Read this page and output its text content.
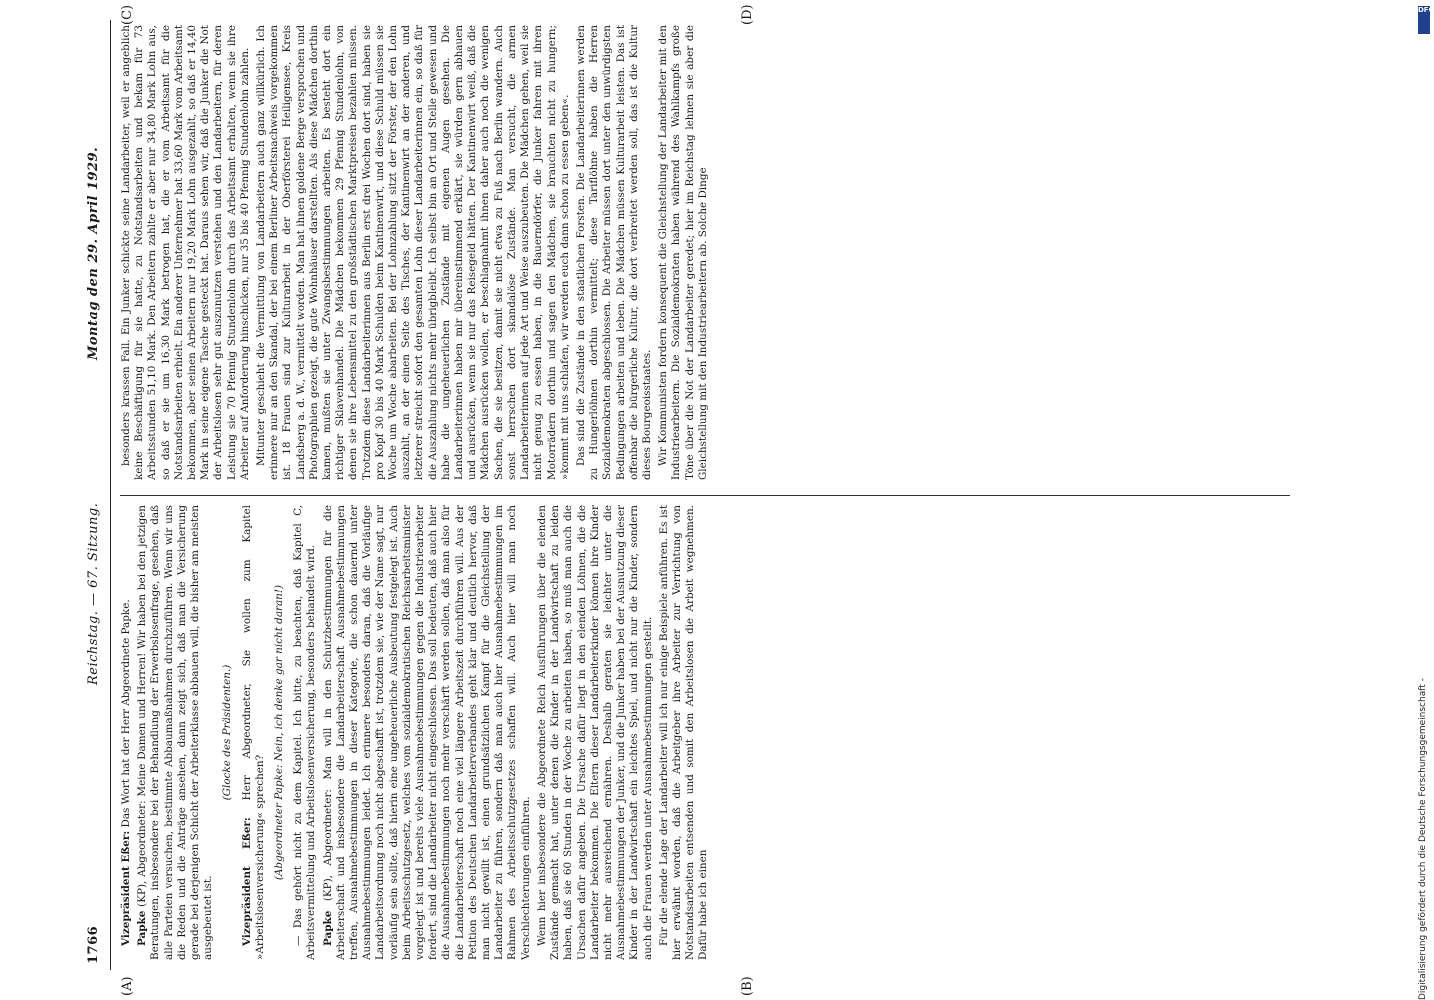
1766
Reichstag. — 67. Sitzung.
Montag den 29. April 1929.
(A)	(B)
(C)	(D)

Vizepräsident Eßer: Das Wort hat der Herr Abgeordnete Papke.

Papke (KP), Abgeordneter: Meine Damen und Herren! Wir haben bei den jetzigen Beratungen, insbesondere bei der Behandlung der Erwerbslosenfrage, gesehen, daß alle Parteien versuchen, bestimmte Abbaumaßnahmen durchzuführen. Wenn wir uns die Reden und die Anträge ansehen, dann zeigt sich, daß man die Versicherung gerade bei derjenigen Schicht der Arbeiterklasse abbauen will, die bisher am meisten ausgebeutet ist.

(Glocke des Präsidenten.)

Vizepräsident Eßer: Herr Abgeordneter, Sie wollen zum Kapitel »Arbeitslosenversicherung« sprechen? (Abgeordneter Papke: Nein, ich denke gar nicht daran!) — Das gehört nicht zu dem Kapitel. Ich bitte, zu beachten, daß Kapitel C, Arbeitsvermittelung und Arbeitslosenversicherung, besonders behandelt wird. Papke (KP), Abgeordneter: Man will in den Schutzbestimmungen für die Arbeiterschaft und insbesondere die Landarbeiterschaft Ausnahmebestimmungen treffen, Ausnahmebestimmungen in dieser Kategorie, die schon dauernd unter Ausnahmebestimmungen leidet. Ich erinnere besonders daran, daß die Vorläufige Landarbeitsordnung noch nicht abgeschafft ist, trotzdem sie, wie der Name sagt, nur vorläufig sein sollte, daß hierin eine ungeheuerliche Ausbeutung festgelegt ist. Auch beim Arbeitsschutzgesetz, welches vom sozialdemokratischen Reichsarbeitsminister vorgelegt ist und bereits viele Ausnahmebestimmungen gegen die Industriearbeiter fordert, sind die Landarbeiter nicht eingeschlossen. Das soll bedeuten, daß auch hier die Ausnahmebestimmungen noch mehr verschärft werden sollen, daß man also für die Landarbeiterschaft noch eine viel längere Arbeitszeit durchführen will. Aus der Petition des Deutschen Landarbeiterverbandes geht klar und deutlich hervor, daß man nicht gewillt ist, einen grundsätzlichen Kampf für die Gleichstellung der Landarbeiter zu führen, sondern daß man auch hier Ausnahmebestimmungen im Rahmen des Arbeitsschutzgesetzes schaffen will. Auch hier will man noch Verschlechterungen einführen. Wenn hier insbesondere die Abgeordnete Reich Ausführungen über die elenden Zustände gemacht hat, unter denen die Kinder in der Landwirtschaft zu leiden haben, daß sie 60 Stunden in der Woche zu arbeiten haben, so muß man auch die Ursachen dafür angeben. Die Ursache dafür liegt in den elenden Löhnen, die die Landarbeiter bekommen. Die Eltern dieser Landarbeiterkinder können ihre Kinder nicht mehr ausreichend ernähren. Deshalb geraten sie leichter unter die Ausnahmebestimmungen der Junker, und die Junker haben bei der Ausnutzung dieser Kinder in der Landwirtschaft ein leichtes Spiel, und nicht nur die Kinder, sondern auch die Frauen werden unter Ausnahmebestimmungen gestellt. Für die elende Lage der Landarbeiter will ich nur einige Beispiele anführen. Es ist hier erwähnt worden, daß die Arbeitgeber ihre Arbeiter zur Verrichtung von Notstandsarbeiten entsenden und somit den Arbeitslosen die Arbeit wegnehmen. Dafür habe ich einen

besonders krassen Fall. Ein Junker schickte seine Landarbeiter, weil er angeblich keine Beschäftigung für sie hatte, zu Notstandsarbeiten und bekam für 73 Arbeitsstunden 51,10 Mark. Den Arbeitern zahlte er aber nur 34,80 Mark Lohn aus, so daß er sie um 16,30 Mark betrogen hat, die er vom Arbeitsamt für die Notstandsarbeiten erhielt. Ein anderer Unternehmer hat 33,60 Mark vom Arbeitsamt bekommen, aber seinen Arbeitern nur 19,20 Mark Lohn ausgezahlt, so daß er 14,40 Mark in seine eigene Tasche gesteckt hat. Daraus sehen wir, daß die Junker die Not der Arbeitslosen sehr gut auszunutzen verstehen und den Landarbeitern, für deren Leistung sie 70 Pfennig Stundenlohn durch das Arbeitsamt erhalten, wenn sie ihre Arbeiter auf Anforderung hinschicken, nur 35 bis 40 Pfennig Stundenlohn zahlen. Mitunter geschieht die Vermittlung von Landarbeitern auch ganz willkürlich. Ich erinnere nur an den Skandal, der bei einem Berliner Arbeitsnachweis vorgekommen ist. 18 Frauen sind zur Kulturarbeit in der Oberförsterei Heiligensee, Kreis Landsberg a. d. W., vermittelt worden. Man hat ihnen goldene Berge versprochen und Photographien gezeigt, die gute Wohnhäuser darstellten. Als diese Mädchen dorthin kamen, mußten sie unter Zwangsbestimmungen arbeiten. Es besteht dort ein richtiger Sklavenhandel. Die Mädchen bekommen 29 Pfennig Stundenlohn, von denen sie ihre Lebensmittel zu den großstädtischen Marktpreisen bezahlen müssen. Trotzdem diese Landarbeiterinnen aus Berlin erst drei Wochen dort sind, haben sie pro Kopf 30 bis 40 Mark Schulden beim Kantinenwirt, und diese Schuld müssen sie Woche um Woche abarbeiten. Bei der Lohnzahlung sitzt der Förster, der den Lohn auszahlt, an der einen Seite des Tisches, der Kantinenwirt an der anderen, und letzterer streicht sofort den gesamten Lohn dieser Landarbeiterinnen ein, so daß für die Auszahlung nichts mehr übrigbleibt. Ich selbst bin an Ort und Stelle gewesen und habe die ungeheuerlichen Zustände mit eigenen Augen gesehen. Die Landarbeiterinnen haben mir übereinstimmend erklärt, sie würden gern abhauen und ausrücken, wenn sie nur das Reisegeld hätten. Der Kantinenwirt weiß, daß die Mädchen ausrücken wollen, er beschlagnahmt ihnen daher auch noch die wenigen Sachen, die sie besitzen, damit sie nicht etwa zu Fuß nach Berlin wandern. Auch sonst herrschen dort skandalöse Zustände. Man versucht, die armen Landarbeiterinnen auf jede Art und Weise auszubeuten. Die Mädchen gehen, weil sie nicht genug zu essen haben, in die Bauerndörfer, die Junker fahren mit ihren Motorrädern dorthin und sagen den Mädchen, sie brauchten nicht zu hungern; »kommt mit uns schlafen, wir werden euch dann schon zu essen geben«. Das sind die Zustände in den staatlichen Forsten. Die Landarbeiterinnen werden zu Hungerlöhnen dorthin vermittelt; diese Tariflöhne haben die Herren Sozialdemokraten abgeschlossen. Die Arbeiter müssen dort unter den unwürdigsten Bedingungen arbeiten und leben. Die Mädchen müssen Kulturarbeit leisten. Das ist offenbar die bürgerliche Kultur, die dort verbreitet werden soll, das ist die Kultur dieses Bourgeoisstaates. Wir Kommunisten fordern konsequent die Gleichstellung der Landarbeiter mit den Industriearbeitern. Die Sozialdemokraten haben während des Wahlkampfs große Töne über die Not der Landarbeiter geredet; hier im Reichstag lehnen sie aber die Gleichstellung mit den Industriearbeitern ab. Solche Dinge

DFG
Digitalisierung gefördert durch die Deutsche Forschungsgemeinschaft -
